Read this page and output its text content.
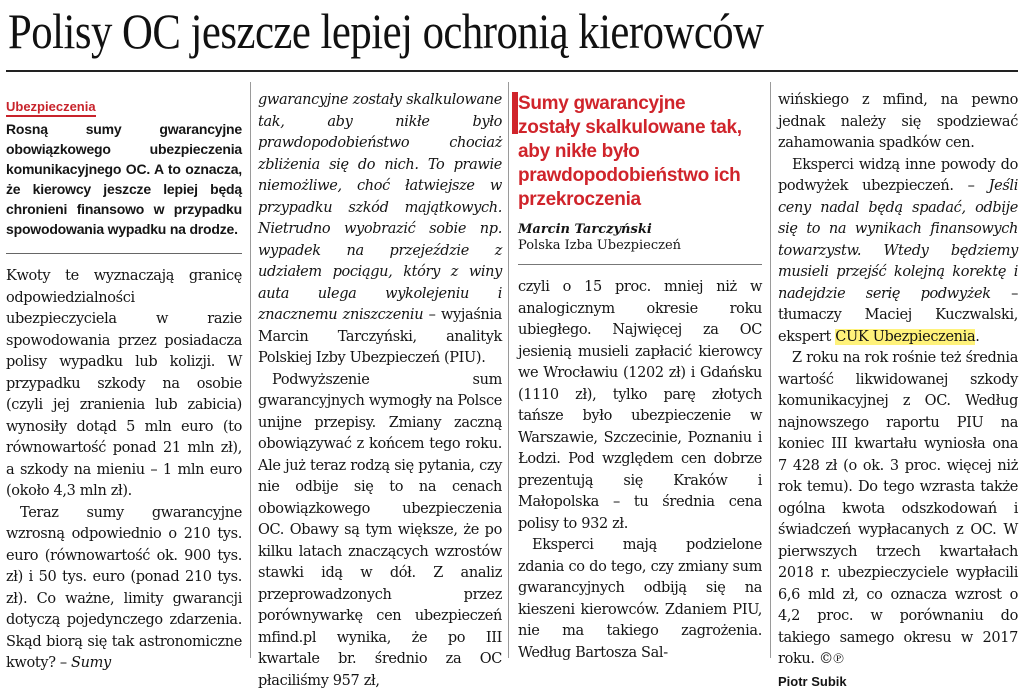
Polisy OC jeszcze lepiej ochronią kierowców
Ubezpieczenia

Rosną sumy gwarancyjne obowiązkowego ubezpieczenia komunikacyjnego OC. A to oznacza, że kierowcy jeszcze lepiej będą chronieni finansowo w przypadku spowodowania wypadku na drodze.

Kwoty te wyznaczają granicę odpowiedzialności ubezpieczyciela w razie spowodowania przez posiadacza polisy wypadku lub kolizji. W przypadku szkody na osobie (czyli jej zranienia lub zabicia) wynosiły dotąd 5 mln euro (to równowartość ponad 21 mln zł), a szkody na mieniu – 1 mln euro (około 4,3 mln zł).

Teraz sumy gwarancyjne wzrosną odpowiednio o 210 tys. euro (równowartość ok. 900 tys. zł) i 50 tys. euro (ponad 210 tys. zł). Co ważne, limity gwarancji dotyczą pojedynczego zdarzenia. Skąd biorą się tak astronomiczne kwoty? – Sumy

gwarancyjne zostały skalkulowane tak, aby nikłe było prawdopodobieństwo chociaż zbliżenia się do nich. To prawie niemożliwe, choć łatwiejsze w przypadku szkód majątkowych. Nietrudno wyobrazić sobie np. wypadek na przejeździe z udziałem pociągu, który z winy auta ulega wykolejeniu i znacznemu zniszczeniu – wyjaśnia Marcin Tarczyński, analityk Polskiej Izby Ubezpieczeń (PIU).

Podwyższenie sum gwarancyjnych wymogły na Polsce unijne przepisy. Zmiany zaczną obowiązywać z końcem tego roku. Ale już teraz rodzą się pytania, czy nie odbije się to na cenach obowiązkowego ubezpieczenia OC. Obawy są tym większe, że po kilku latach znaczących wzrostów stawki idą w dół. Z analiz przeprowadzonych przez porównywarkę cen ubezpieczeń mfind.pl wynika, że po III kwartale br. średnio za OC płaciliśmy 957 zł,

Sumy gwarancyjne zostały skalkulowane tak, aby nikłe było prawdopodobieństwo ich przekroczenia
Marcin Tarczyński
Polska Izba Ubezpieczeń

czyli o 15 proc. mniej niż w analogicznym okresie roku ubiegłego. Najwięcej za OC jesienią musieli zapłacić kierowcy we Wrocławiu (1202 zł) i Gdańsku (1110 zł), tylko parę złotych tańsze było ubezpieczenie w Warszawie, Szczecinie, Poznaniu i Łodzi. Pod względem cen dobrze prezentują się Kraków i Małopolska – tu średnia cena polisy to 932 zł.

Eksperci mają podzielone zdania co do tego, czy zmiany sum gwarancyjnych odbiją się na kieszeni kierowców. Zdaniem PIU, nie ma takiego zagrożenia. Według Bartosza Sal-

wińskiego z mfind, na pewno jednak należy się spodziewać zahamowania spadków cen.

Eksperci widzą inne powody do podwyżek ubezpieczeń. – Jeśli ceny nadal będą spadać, odbije się to na wynikach finansowych towarzystw. Wtedy będziemy musieli przejść kolejną korektę i nadejdzie serię podwyżek – tłumaczy Maciej Kuczwalski, ekspert CUK Ubezpieczenia.

Z roku na rok rośnie też średnia wartość likwidowanej szkody komunikacyjnej z OC. Według najnowszego raportu PIU na koniec III kwartału wyniosła ona 7 428 zł (o ok. 3 proc. więcej niż rok temu). Do tego wzrasta także ogólna kwota odszkodowań i świadczeń wypłacanych z OC. W pierwszych trzech kwartałach 2018 r. ubezpieczyciele wypłacili 6,6 mld zł, co oznacza wzrost o 4,2 proc. w porównaniu do takiego samego okresu w 2017 roku. ©℗

Piotr Subik
